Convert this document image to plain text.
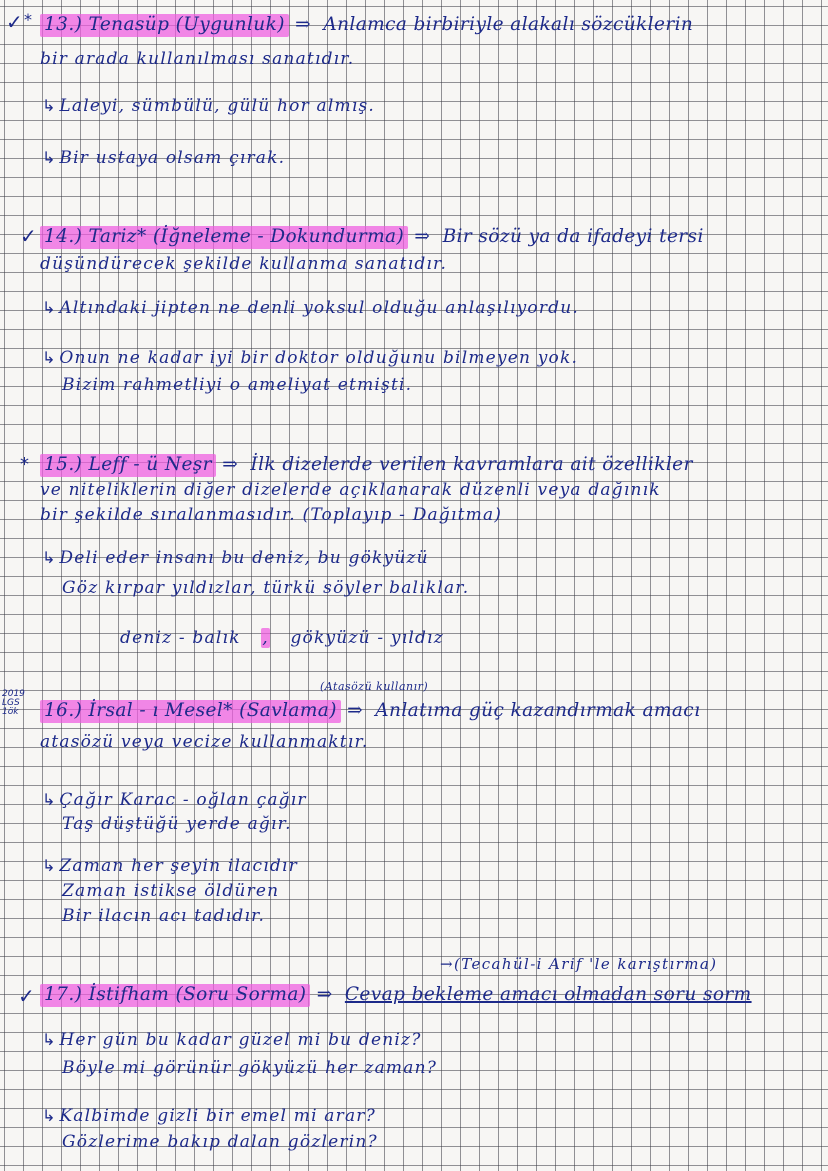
✓ *
✓
*
✓
13.) Tenasüp (Uygunluk) ⇒ Anlamca birbiriyle alakalı sözcüklerin
bir arada kullanılması sanatıdır.
↳ Laleyi, sümbülü, gülü hor almış.
↳ Bir ustaya olsam çırak.
14.) Tariz* (İğneleme - Dokundurma) ⇒ Bir sözü ya da ifadeyi tersi
düşündürecek şekilde kullanma sanatıdır.
↳ Altındaki jipten ne denli yoksul olduğu anlaşılıyordu.
↳ Onun ne kadar iyi bir doktor olduğunu bilmeyen yok.
Bizim rahmetliyi o ameliyat etmişti.
15.) Leff - ü Neşr ⇒ İlk dizelerde verilen kavramlara ait özellikler
ve niteliklerin diğer dizelerde açıklanarak düzenli veya dağınık
bir şekilde sıralanmasıdır. (Toplayıp - Dağıtma)
↳ Deli eder insanı bu deniz, bu gökyüzü
Göz kırpar yıldızlar, türkü söyler balıklar.
deniz - balık , gökyüzü - yıldız
2019
LGS
1ök
(Atasözü kullanır)
16.) İrsal - ı Mesel* (Savlama) ⇒ Anlatıma güç kazandırmak amacı
atasözü veya vecize kullanmaktır.
↳ Çağır Karac - oğlan çağır
Taş düştüğü yerde ağır.
↳ Zaman her şeyin ilacıdır
Zaman istikse öldüren
Bir ilacın acı tadıdır.
→(Tecahül-i Arif 'le karıştırma)
17.) İstifham (Soru Sorma) ⇒ Cevap bekleme amacı olmadan soru sorm
↳ Her gün bu kadar güzel mi bu deniz?
Böyle mi görünür gökyüzü her zaman?
↳ Kalbimde gizli bir emel mi arar?
Gözlerime bakıp dalan gözlerin?
